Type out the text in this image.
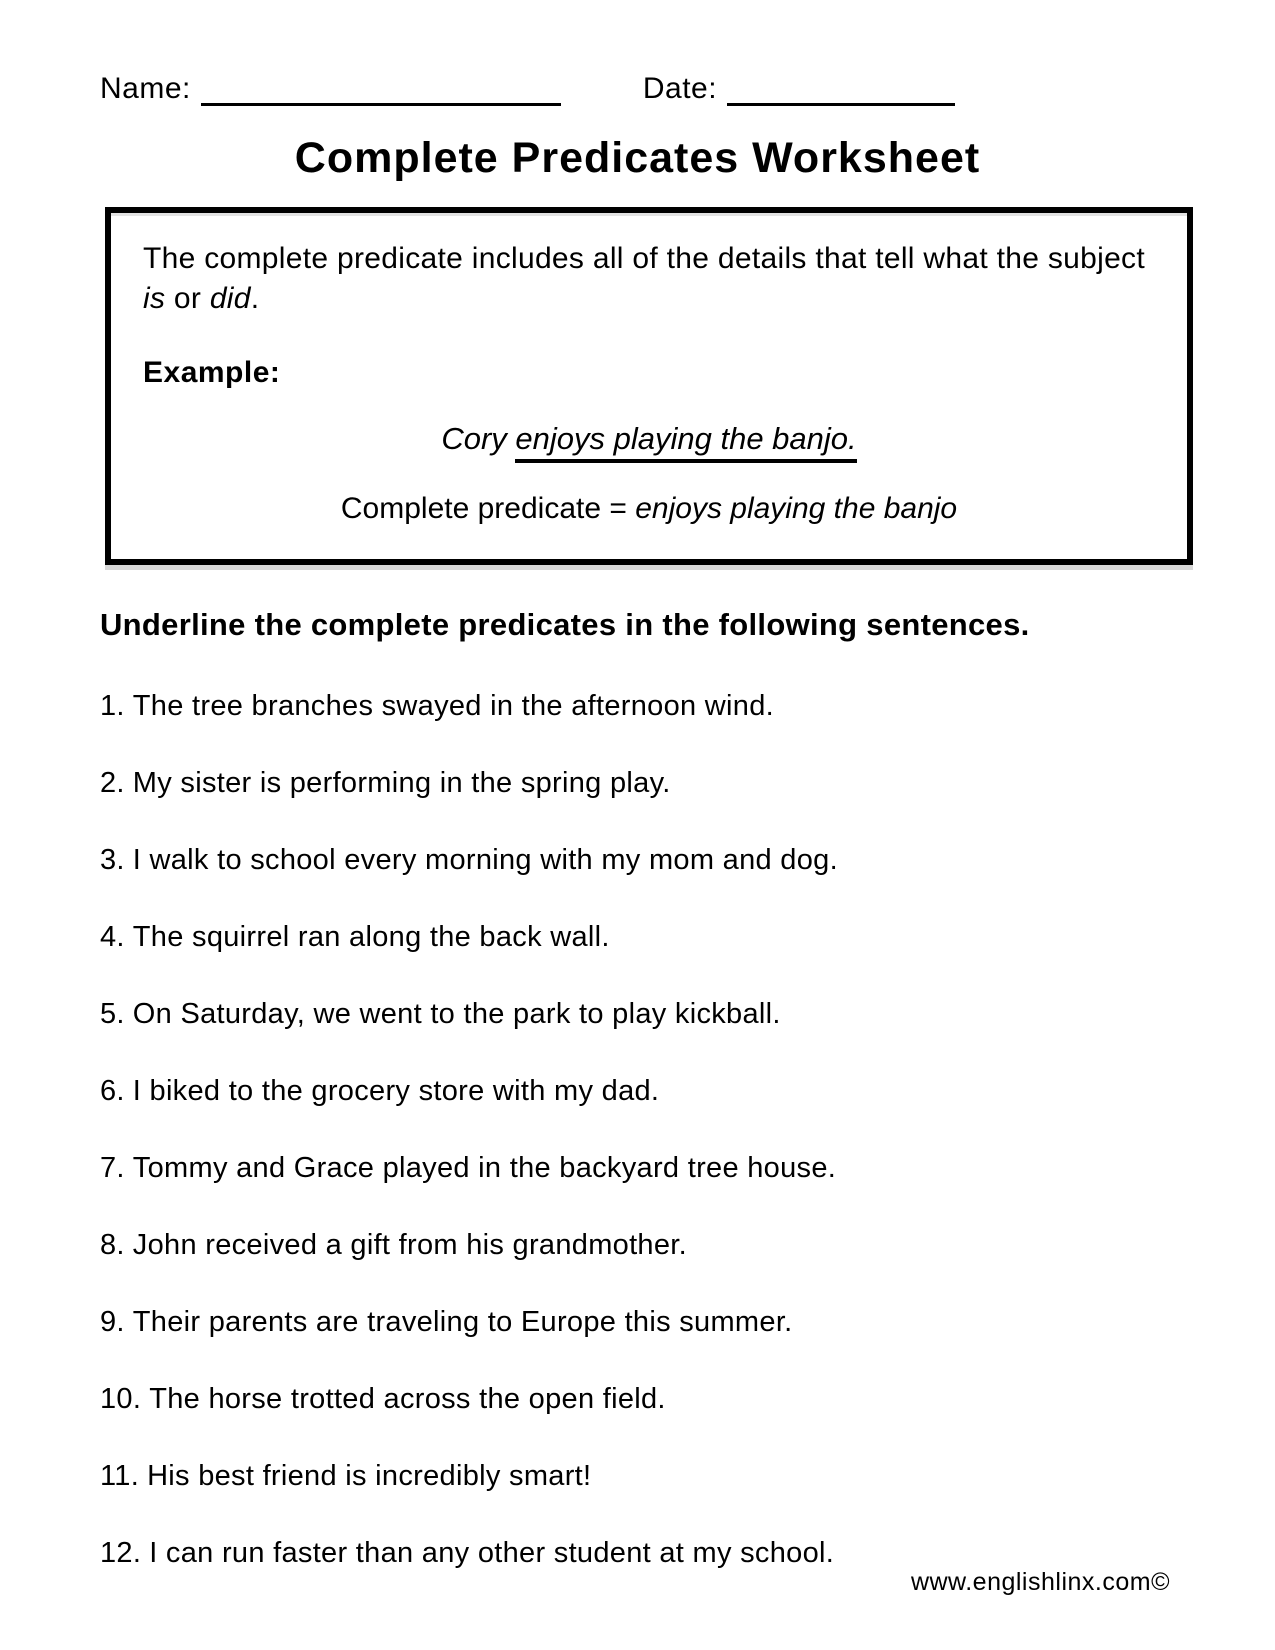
Name:	Date:
Complete Predicates Worksheet
The complete predicate includes all of the details that tell what the subject is or did.
Example:
Cory enjoys playing the banjo.
Complete predicate = enjoys playing the banjo
Underline the complete predicates in the following sentences.
1. The tree branches swayed in the afternoon wind.
2. My sister is performing in the spring play.
3. I walk to school every morning with my mom and dog.
4. The squirrel ran along the back wall.
5. On Saturday, we went to the park to play kickball.
6. I biked to the grocery store with my dad.
7. Tommy and Grace played in the backyard tree house.
8. John received a gift from his grandmother.
9. Their parents are traveling to Europe this summer.
10. The horse trotted across the open field.
11. His best friend is incredibly smart!
12. I can run faster than any other student at my school.
www.englishlinx.com©
